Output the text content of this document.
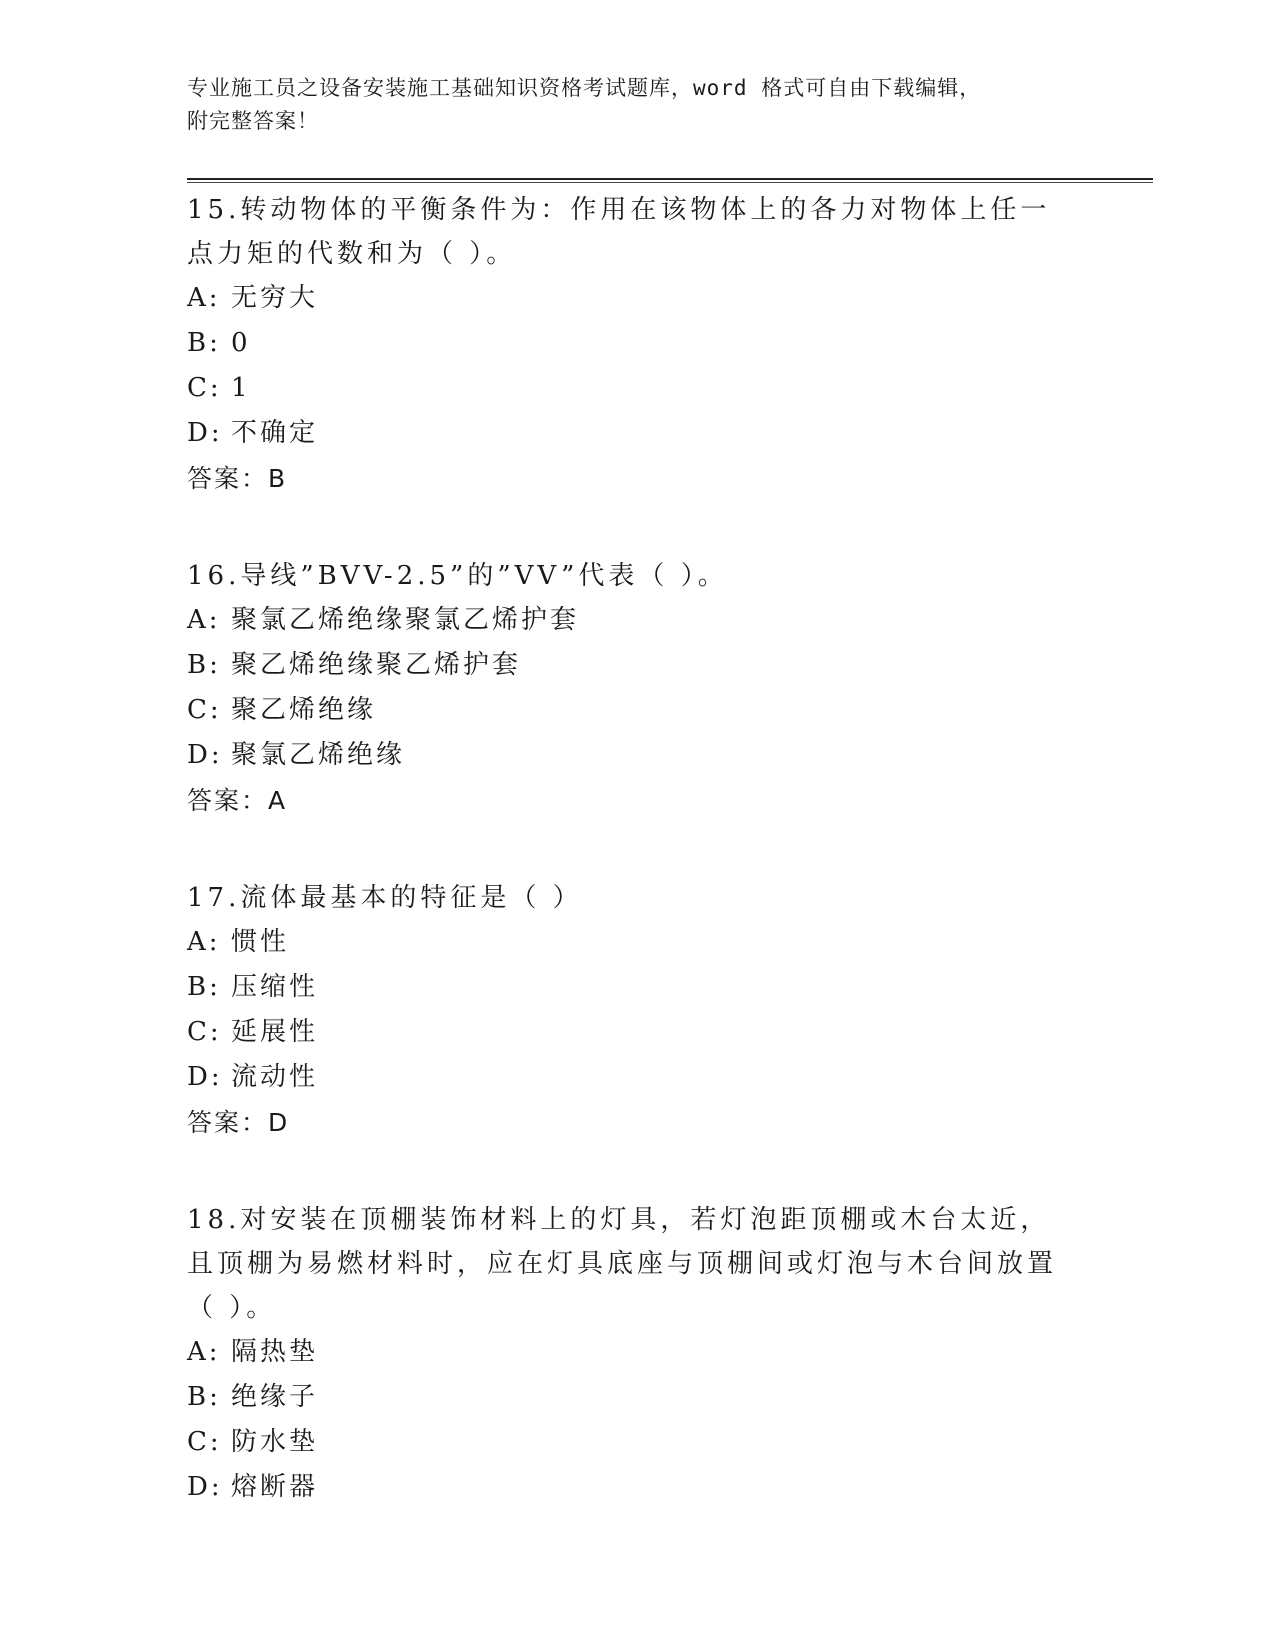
专业施工员之设备安装施工基础知识资格考试题库，word 格式可自由下载编辑，
附完整答案！
15.转动物体的平衡条件为：作用在该物体上的各力对物体上任一点力矩的代数和为（ ）。
A: 无穷大
B: 0
C: 1
D: 不确定
答案：B
16.导线”BVV-2.5”的”VV”代表（ ）。
A: 聚氯乙烯绝缘聚氯乙烯护套
B: 聚乙烯绝缘聚乙烯护套
C: 聚乙烯绝缘
D: 聚氯乙烯绝缘
答案：A
17.流体最基本的特征是（ ）
A: 惯性
B: 压缩性
C: 延展性
D: 流动性
答案：D
18.对安装在顶棚装饰材料上的灯具，若灯泡距顶棚或木台太近，且顶棚为易燃材料时，应在灯具底座与顶棚间或灯泡与木台间放置（ ）。
A: 隔热垫
B: 绝缘子
C: 防水垫
D: 熔断器
